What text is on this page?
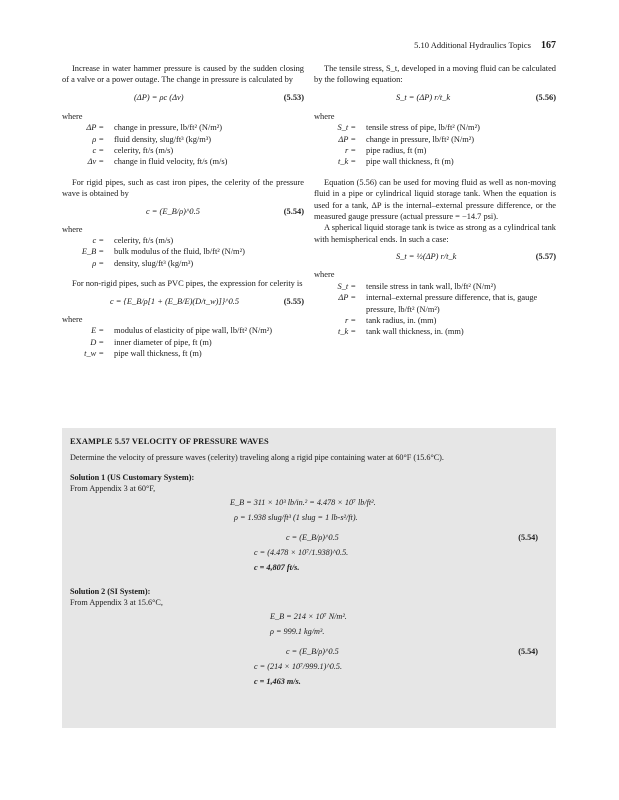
5.10 Additional Hydraulics Topics 167

Increase in water hammer pressure is caused by the sudden closing of a valve or a power outage. The change in pressure is calculated by

(ΔP) = ρc (Δv)	(5.53)
where
ΔP = change in pressure, lb/ft² (N/m²)
ρ = fluid density, slug/ft³ (kg/m³)
c = celerity, ft/s (m/s)
Δv = change in fluid velocity, ft/s (m/s)

For rigid pipes, such as cast iron pipes, the celerity of the pressure wave is obtained by

c = (E_B/ρ)^0.5	(5.54)
where
c = celerity, ft/s (m/s)
E_B = bulk modulus of the fluid, lb/ft² (N/m²)
ρ = density, slug/ft³ (kg/m³)

For non-rigid pipes, such as PVC pipes, the expression for celerity is

c = {E_B/ρ[1 + (E_B/E)(D/t_w)]}^0.5	(5.55)
where
E = modulus of elasticity of pipe wall, lb/ft² (N/m²)
D = inner diameter of pipe, ft (m)
t_w = pipe wall thickness, ft (m)

The tensile stress, S_t, developed in a moving fluid can be calculated by the following equation:

S_t = (ΔP) r/t_k	(5.56)
where
S_t = tensile stress of pipe, lb/ft² (N/m²)
ΔP = change in pressure, lb/ft² (N/m²)
r = pipe radius, ft (m)
t_k = pipe wall thickness, ft (m)

Equation (5.56) can be used for moving fluid as well as non-moving fluid in a pipe or cylindrical liquid storage tank. When the equation is used for a tank, ΔP is the internal–external pressure difference, or the measured gauge pressure (actual pressure = −14.7 psi).

A spherical liquid storage tank is twice as strong as a cylindrical tank with hemispherical ends. In such a case:

S_t = ½(ΔP) r/t_k	(5.57)
where
S_t = tensile stress in tank wall, lb/ft² (N/m²)
ΔP = internal–external pressure difference, that is, gauge pressure, lb/ft² (N/m²)
r = tank radius, in. (mm)
t_k = tank wall thickness, in. (mm)
EXAMPLE 5.57 VELOCITY OF PRESSURE WAVES
Determine the velocity of pressure waves (celerity) traveling along a rigid pipe containing water at 60°F (15.6°C).
Solution 1 (US Customary System):
From Appendix 3 at 60°F,
E_B = 311 × 10³ lb/in.² = 4.478 × 10⁷ lb/ft².
ρ = 1.938 slug/ft³ (1 slug = 1 lb-s²/ft).
c = (E_B/ρ)^0.5	(5.54)
c = (4.478 × 10⁷/1.938)^0.5.
c = 4,807 ft/s.
Solution 2 (SI System):
From Appendix 3 at 15.6°C,
E_B = 214 × 10⁷ N/m².
ρ = 999.1 kg/m³.
c = (E_B/ρ)^0.5	(5.54)
c = (214 × 10⁷/999.1)^0.5.
c = 1,463 m/s.
